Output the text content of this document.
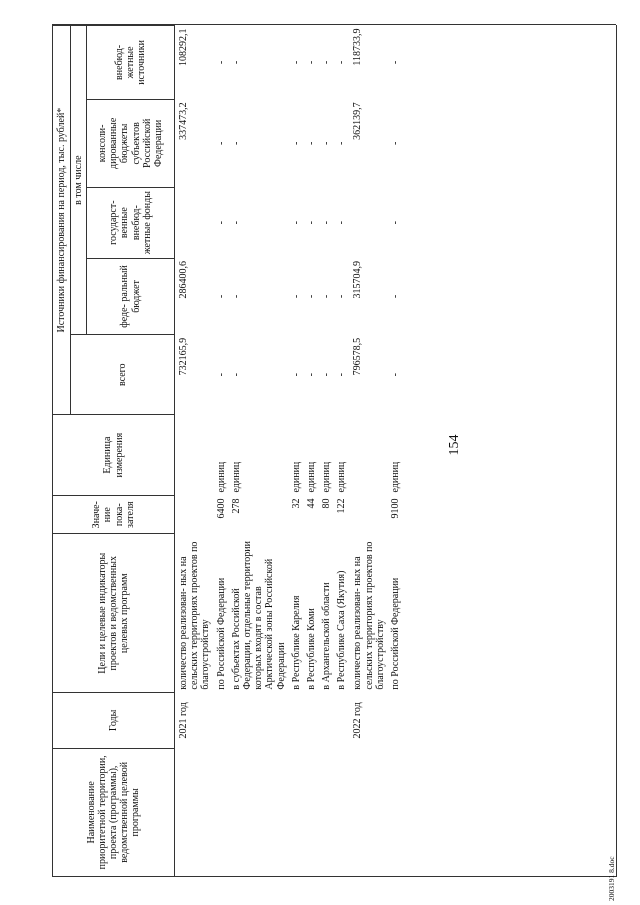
154
Наименование приоритетной территории, проекта (программы), ведомственной целевой программы	Годы	Цели и целевые индикаторы проектов и ведомственных целевых программ	Значе- ние пока- зателя	Единица измерения	Источники финансирования на период, тыс. рублей*				
					всего	в том числе			
						феде- ральный бюджет	государст- венные внебюд- жетные фонды	консоли- дированные бюджеты субъектов Российской Федерации	внебюд- жетные источники
	2021 год	количество реализован- ных на сельских территориях проектов по благоустройству			732165,9	286400,6		337473,2	108292,1
		по Российской Федерации	6400	единиц	-	-	-	-	-
		в субъектах Российской Федерации, отдельные территории которых входят в состав Арктической зоны Российской Федерации	278	единиц	-	-	-	-	-
		в Республике Карелия	32	единиц	-	-	-	-	-
		в Республике Коми	44	единиц	-	-	-	-	-
		в Архангельской области	80	единиц	-	-	-	-	-
		в Республике Саха (Якутия)	122	единиц	-	-	-	-	-
	2022 год	количество реализован- ных на сельских территориях проектов по благоустройству			796578,5	315704,9		362139,7	118733,9
		по Российской Федерации	9100	единиц	-	-	-	-	-
2003191 8.doc
